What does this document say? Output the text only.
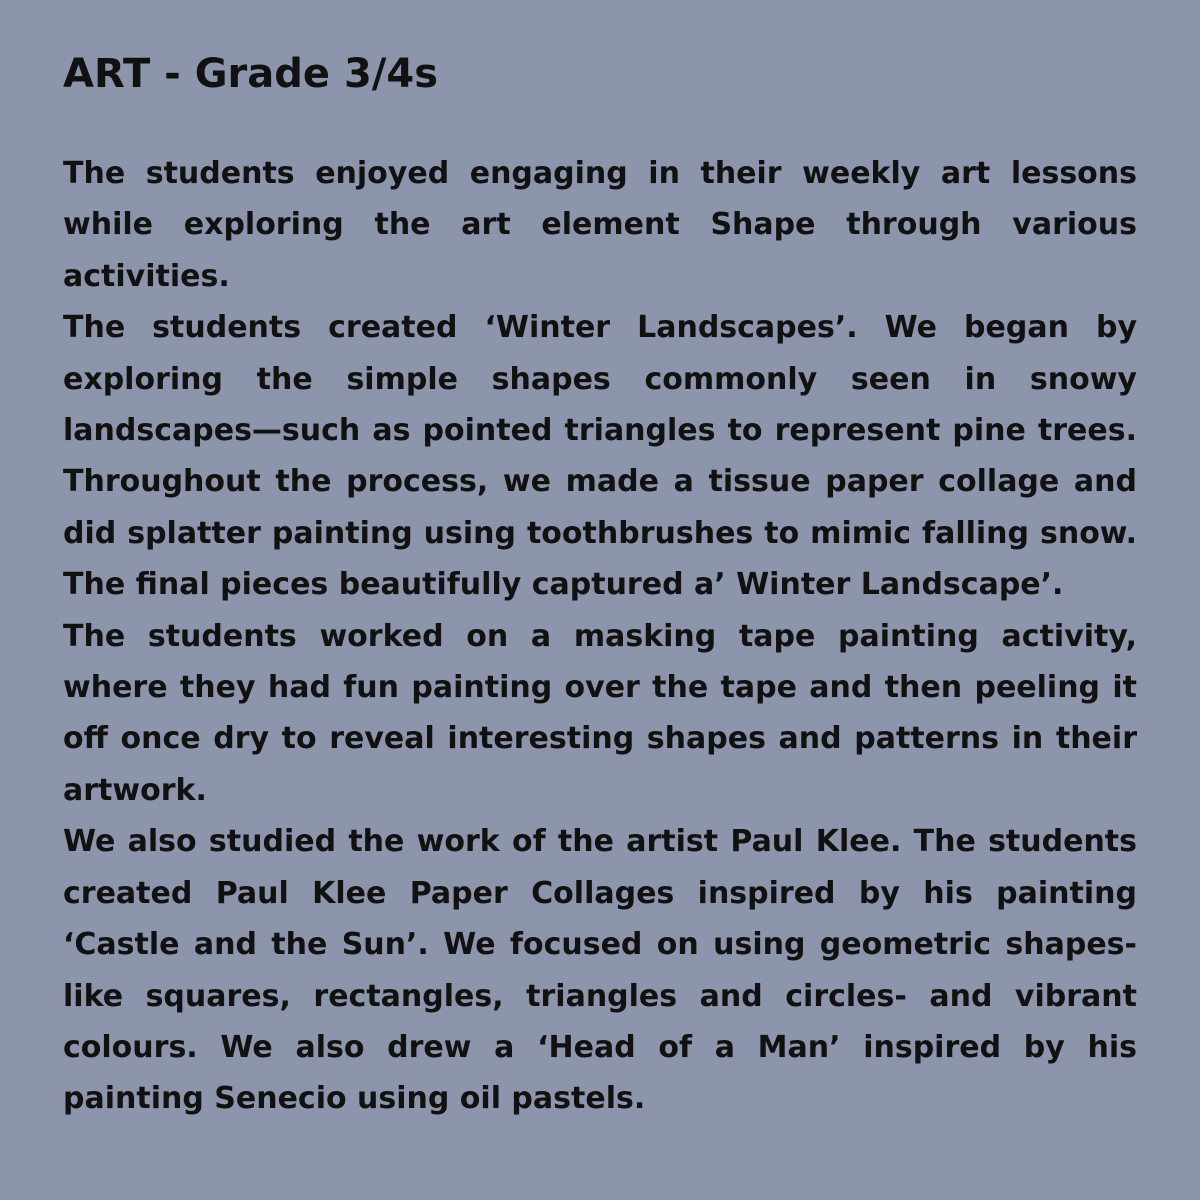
ART - Grade 3/4s

The students enjoyed engaging in their weekly art lessons while exploring the art element Shape through various activities.

The students created ‘Winter Landscapes’. We began by exploring the simple shapes commonly seen in snowy landscapes—such as pointed triangles to represent pine trees. Throughout the process, we made a tissue paper collage and did splatter painting using toothbrushes to mimic falling snow. The final pieces beautifully captured a’ Winter Landscape’.

The students worked on a masking tape painting activity, where they had fun painting over the tape and then peeling it off once dry to reveal interesting shapes and patterns in their artwork.

We also studied the work of the artist Paul Klee. The students created Paul Klee Paper Collages inspired by his painting ‘Castle and the Sun’. We focused on using geometric shapes- like squares, rectangles, triangles and circles- and vibrant colours. We also drew a ‘Head of a Man’ inspired by his painting Senecio using oil pastels.
